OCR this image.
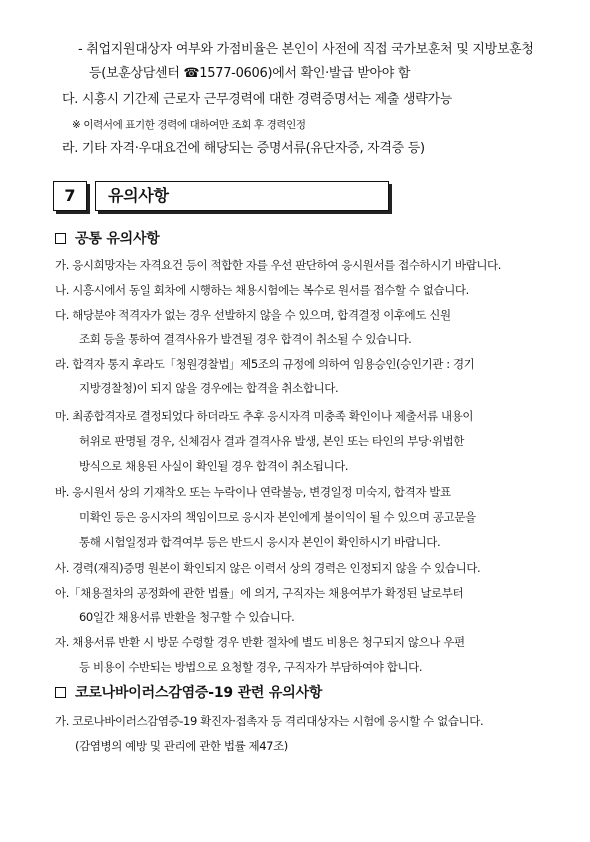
- 취업지원대상자 여부와 가점비율은 본인이 사전에 직접 국가보훈처 및 지방보훈청
등(보훈상담센터 ☎1577-0606)에서 확인·발급 받아야 함
다. 시흥시 기간제 근로자 근무경력에 대한 경력증명서는 제출 생략가능
※ 이력서에 표기한 경력에 대하여만 조회 후 경력인정
라. 기타 자격·우대요건에 해당되는 증명서류(유단자증, 자격증 등)
7	유의사항
공통 유의사항
가. 응시희망자는 자격요건 등이 적합한 자를 우선 판단하여 응시원서를 접수하시기 바랍니다.
나. 시흥시에서 동일 회차에 시행하는 채용시험에는 복수로 원서를 접수할 수 없습니다.
다. 해당분야 적격자가 없는 경우 선발하지 않을 수 있으며, 합격결정 이후에도 신원
조회 등을 통하여 결격사유가 발견될 경우 합격이 취소될 수 있습니다.
라. 합격자 통지 후라도「청원경찰법」제5조의 규정에 의하여 임용승인(승인기관 : 경기
지방경찰청)이 되지 않을 경우에는 합격을 취소합니다.
마. 최종합격자로 결정되었다 하더라도 추후 응시자격 미충족 확인이나 제출서류 내용이
허위로 판명될 경우, 신체검사 결과 결격사유 발생, 본인 또는 타인의 부당·위법한
방식으로 채용된 사실이 확인될 경우 합격이 취소됩니다.
바. 응시원서 상의 기재착오 또는 누락이나 연락불능, 변경일정 미숙지, 합격자 발표
미확인 등은 응시자의 책임이므로 응시자 본인에게 불이익이 될 수 있으며 공고문을
통해 시험일정과 합격여부 등은 반드시 응시자 본인이 확인하시기 바랍니다.
사. 경력(재직)증명 원본이 확인되지 않은 이력서 상의 경력은 인정되지 않을 수 있습니다.
아.「채용절차의 공정화에 관한 법률」에 의거, 구직자는 채용여부가 확정된 날로부터
60일간 채용서류 반환을 청구할 수 있습니다.
자. 채용서류 반환 시 방문 수령할 경우 반환 절차에 별도 비용은 청구되지 않으나 우편
등 비용이 수반되는 방법으로 요청할 경우, 구직자가 부담하여야 합니다.
코로나바이러스감염증-19 관련 유의사항
가. 코로나바이러스감염증-19 확진자·접촉자 등 격리대상자는 시험에 응시할 수 없습니다.
(감염병의 예방 및 관리에 관한 법률 제47조)
